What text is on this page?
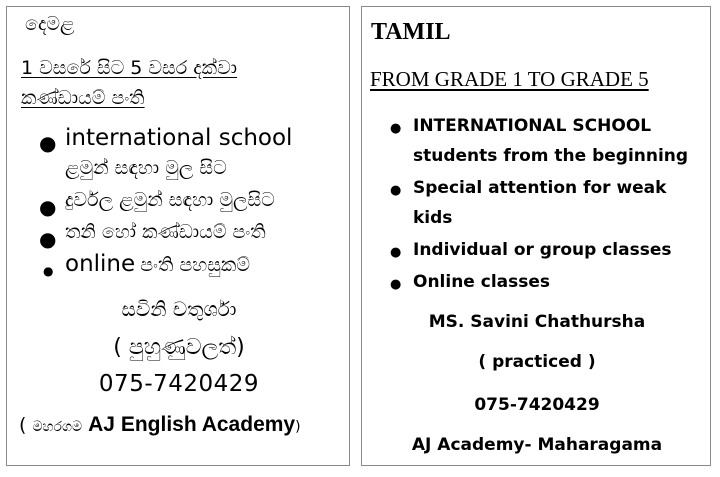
දෙමළ
1 වසරේ සිට 5 වසර දක්වා
කණ්ඩායම් පංති
● international school
ළමුන් සඳහා මුල සිට
● දුර්වල ළමුන් සඳහා මුලසිට
● තනි හෝ කණ්ඩායම් පංති
● online පංති පහසුකම්
සවිනි චතුර්ශා
( පුහුණුවලත්)
075-7420429
( මහරගම AJ English Academy)
TAMIL
FROM GRADE 1 TO GRADE 5
● INTERNATIONAL SCHOOL
students from the beginning
● Special attention for weak
kids
● Individual or group classes
● Online classes
MS. Savini Chathursha
( practiced )
075-7420429
AJ Academy- Maharagama
